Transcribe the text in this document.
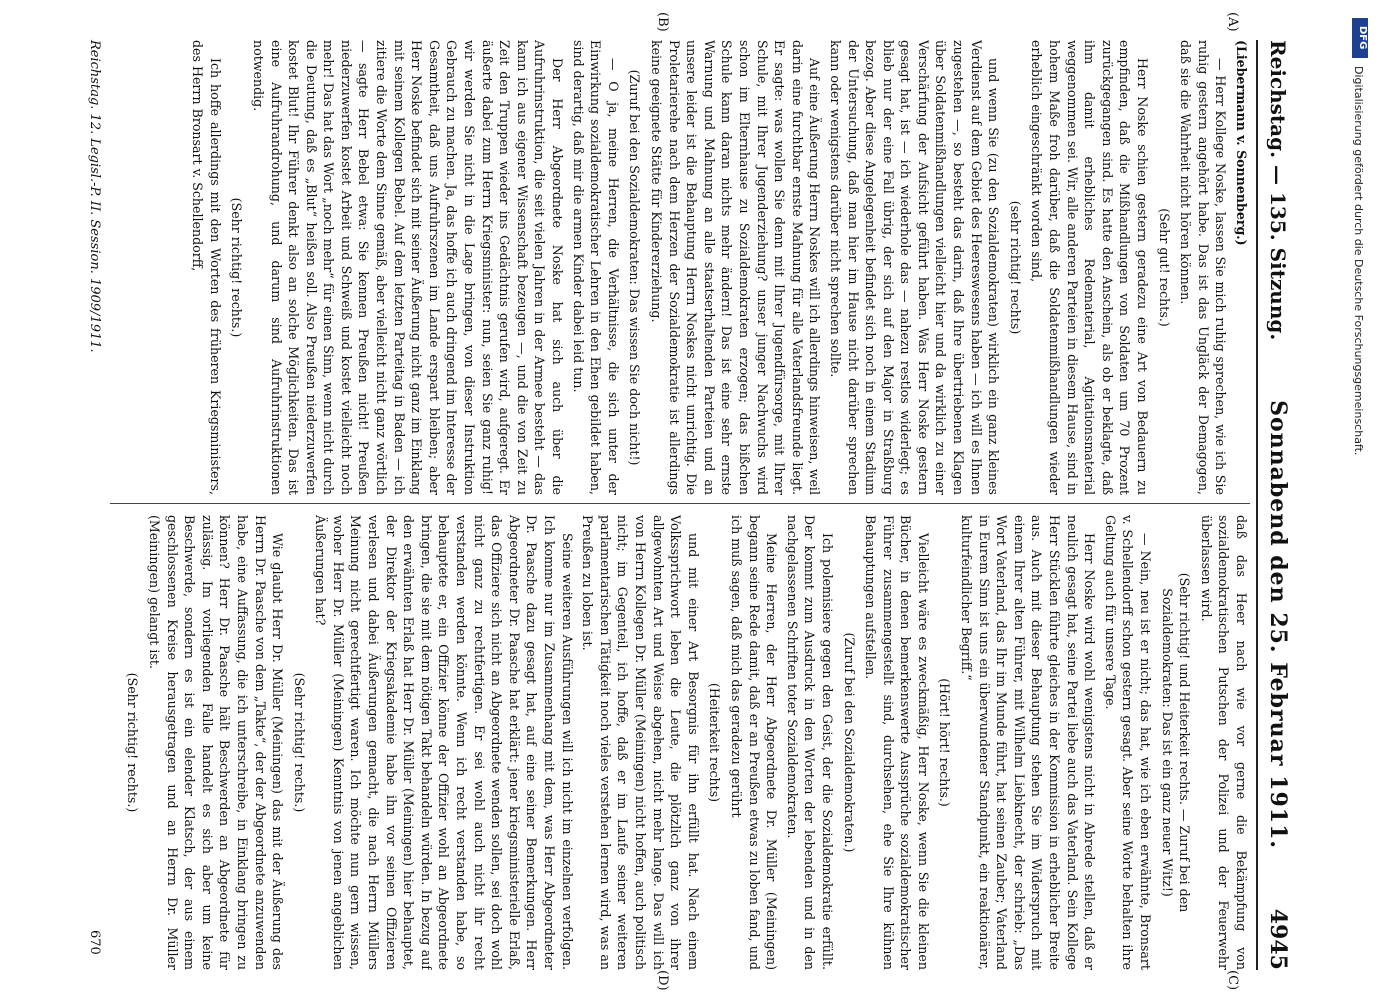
Reichstag. — 135. Sitzung.
Sonnabend den 25. Februar 1911.
4945
(A)
(B)
(C)
(D)

(Liebermann v. Sonnenberg.)

— Herr Kollege Noske, lassen Sie mich ruhig sprechen, wie ich Sie ruhig gestern angehört habe. Das ist das Ungläck der Demagogen, daß sie die Wahrheit nicht hören können.

(Sehr gut! rechts.)

Herr Noske schien gestern geradezu eine Art von Bedauern zu empfinden, daß die Mißhandlungen von Soldaten um 70 Prozent zurückgegangen sind. Es hatte den Anschein, als ob er beklagte, daß ihm damit erhebliches Redematerial, Agitationsmaterial weggenommen sei. Wir, alle anderen Parteien in diesem Hause, sind in hohem Maße froh darüber, daß die Soldatenmißhandlungen wieder erheblich eingeschränkt worden sind,

(sehr richtig! rechts)

und wenn Sie (zu den Sozialdemokraten) wirklich ein ganz kleines Verdienst auf dem Gebiet des Heereswesens haben — ich will es Ihnen zugestehen —, so besteht das darin, daß Ihre übertriebenen Klagen über Soldatenmißhandlungen vielleicht hier und da wirklich zu einer Verschärfung der Aufsicht geführt haben. Was Herr Noske gestern gesagt hat, ist — ich wiederhole das — nahezu restlos widerlegt; es blieb nur der eine Fall übrig, der sich auf den Major in Straßburg bezog. Aber diese Angelegenheit befindet sich noch in einem Stadium der Untersuchung, daß man hier im Hause nicht darüber sprechen kann oder wenigstens darüber nicht sprechen sollte.

Auf eine Äußerung Herrn Noskes will ich allerdings hinweisen, weil darin eine furchtbar ernste Mahnung für alle Vaterlandsfreunde liegt. Er sagte: was wollen Sie denn mit Ihrer Jugendfürsorge, mit Ihrer Schule, mit Ihrer Jugenderziehung? unser junger Nachwuchs wird schon im Elternhause zu Sozialdemokraten erzogen; das bißchen Schule kann daran nichts mehr ändern! Das ist eine sehr ernste Warnung und Mahnung an alle staatserhaltenden Parteien und an unsere leider ist die Behauptung Herrn Noskes nicht unrichtig. Die Proletarierehe nach dem Herzen der Sozialdemokratie ist allerdings keine geeignete Stätte für Kindererziehung.

(Zuruf bei den Sozialdemokraten: Das wissen Sie doch nicht!)

— O ja, meine Herren, die Verhältnisse, die sich unter der Einwirkung sozialdemokratischer Lehren in den Ehen gebildet haben, sind derartig, daß mir die armen Kinder dabei leid tun.

Der Herr Abgeordnete Noske hat sich auch über die Aufruhrinstruktion, die seit vielen Jahren in der Armee besteht — das kann ich aus eigener Wissenschaft bezeugen —, und die von Zeit zu Zeit den Truppen wieder ins Gedächtnis gerufen wird, aufgeregt. Er äußerte dabei zum Herrn Kriegsminister: nun, seien Sie ganz ruhig! wir werden Sie nicht in die Lage bringen, von dieser Instruktion Gebrauch zu machen. Ja, das hoffe ich auch dringend im Interesse der Gesamtheit, daß uns Aufruhrszenen im Lande erspart bleiben; aber Herr Noske befindet sich mit seiner Äußerung nicht ganz im Einklang mit seinem Kollegen Bebel. Auf dem letzten Parteitag in Baden — ich zitiere die Worte dem Sinne gemäß, aber vielleicht nicht ganz wörtlich — sagte Herr Bebel etwa: Sie kennen Preußen nicht! Preußen niederzuwerfen kostet Arbeit und Schweiß und kostet vielleicht noch mehr! Das hat das Wort „noch mehr“ für einen Sinn, wenn nicht durch die Deutung, daß es „Blut“ heißen soll. Also Preußen niederzuwerfen kostet Blut! Ihr Führer denkt also an solche Möglichkeiten. Das ist eine Aufruhrandrohung, und darum sind Aufruhrinstruktionen notwendig.

(Sehr richtig! rechts.)

Ich hoffe allerdings mit den Worten des früheren Kriegsministers, des Herrn Bronsart v. Schellendorff,

daß das Heer nach wie vor gerne die Bekämpfung von sozialdemokratischen Putschen der Polizei und der Feuerwehr überlassen wird.

(Sehr richtig! und Heiterkeit rechts. — Zuruf bei den Sozialdemokraten: Das ist ein ganz neuer Witz!)

— Nein, neu ist er nicht; das hat, wie ich eben erwähnte, Bronsart v. Schellendorff schon gestern gesagt. Aber seine Worte behalten ihre Geltung auch für unsere Tage.

Herr Noske wird wohl wenigstens nicht in Abrede stellen, daß er neulich gesagt hat, seine Partei liebe auch das Vaterland. Sein Kollege Herr Stücklen führte gleiches in der Kommission in erheblicher Breite aus. Auch mit dieser Behauptung stehen Sie im Widerspruch mit einem Ihrer alten Führer, mit Wilhelm Liebknecht, der schrieb: „Das Wort Vaterland, das Ihr im Munde führt, hat seinen Zauber; Vaterland in Eurem Sinn ist uns ein überwundener Standpunkt, ein reaktionärer, kulturfeindlicher Begriff.“

(Hört! hört! rechts.)

Vielleicht wäre es zweckmäßig, Herr Noske, wenn Sie die kleinen Bücher, in denen bemerkenswerte Aussprüche sozialdemokratischer Führer zusammengestellt sind, durchsehen, ehe Sie Ihre kühnen Behauptungen aufstellen.

(Zuruf bei den Sozialdemokraten.)

Ich polemisiere gegen den Geist, der die Sozialdemokratie erfüllt. Der kommt zum Ausdruck in den Worten der lebenden und in den nachgelassenen Schriften toter Sozialdemokraten.

Meine Herren, der Herr Abgeordnete Dr. Müller (Meiningen) begann seine Rede damit, daß er an Preußen etwas zu loben fand, und ich muß sagen, daß mich das geradezu gerührt

(Heiterkeit rechts)

und mit einer Art Besorgnis für ihn erfüllt hat. Nach einem Volkssprichwort leben die Leute, die plötzlich ganz von ihrer allgewohnten Art und Weise abgehen, nicht mehr lange. Das will ich von Herrn Kollegen Dr. Müller (Meiningen) nicht hoffen, auch politisch nicht; im Gegenteil, ich hoffe, daß er im Laufe seiner weiteren parlamentarischen Tätigkeit noch vieles verstehen lernen wird, was an Preußen zu loben ist.

Seine weiteren Ausführungen will ich nicht im einzelnen verfolgen. Ich komme nur im Zusammenhang mit dem, was Herr Abgeordneter Dr. Paasche dazu gesagt hat, auf eine seiner Bemerkungen. Herr Abgeordneter Dr. Paasche hat erklärt: jener kriegsministerielle Erlaß, das Offiziere sich nicht an Abgeordnete wenden sollen, sei doch wohl nicht ganz zu rechtfertigen. Er sei wohl auch nicht ihr recht verstanden werden könnte. Wenn ich recht verstanden habe, so behauptete er, ein Offizier könne der Offizier wohl an Abgeordnete bringen, die sie mit dem nötigen Takt behandeln würden. In bezug auf den erwähnten Erlaß hat Herr Dr. Müller (Meiningen) hier behauptet, der Direktor der Kriegsakademie habe ihn vor seinen Offizieren verlesen und dabei Äußerungen gemacht, die nach Herrn Müllers Meinung nicht gerechtfertigt waren. Ich möchte nun gern wissen, woher Herr Dr. Müller (Meiningen) Kenntnis von jenen angeblichen Äußerungen hat?

(Sehr richtig! rechts.)

Wie glaubt Herr Dr. Müller (Meiningen) das mit der Äußerung des Herrn Dr. Paasche von dem „Takte“, der der Abgeordnete anzuwenden habe, eine Auffassung, die ich unterschreibe, in Einklang bringen zu können? Herr Dr. Paasche hält Beschwerden an Abgeordnete für zulässig. Im vorliegenden Falle handelt es sich aber um keine Beschwerde, sondern es ist ein elender Klatsch, der aus einem geschlossenen Kreise herausgetragen und an Herrn Dr. Müller (Meiningen) gelangt ist.

(Sehr richtig! rechts.)

Reichstag. 12. Legisl.-P. II. Session. 1909/1911.
670
DFG
Digitalisierung gefördert durch die Deutsche Forschungsgemeinschaft.
